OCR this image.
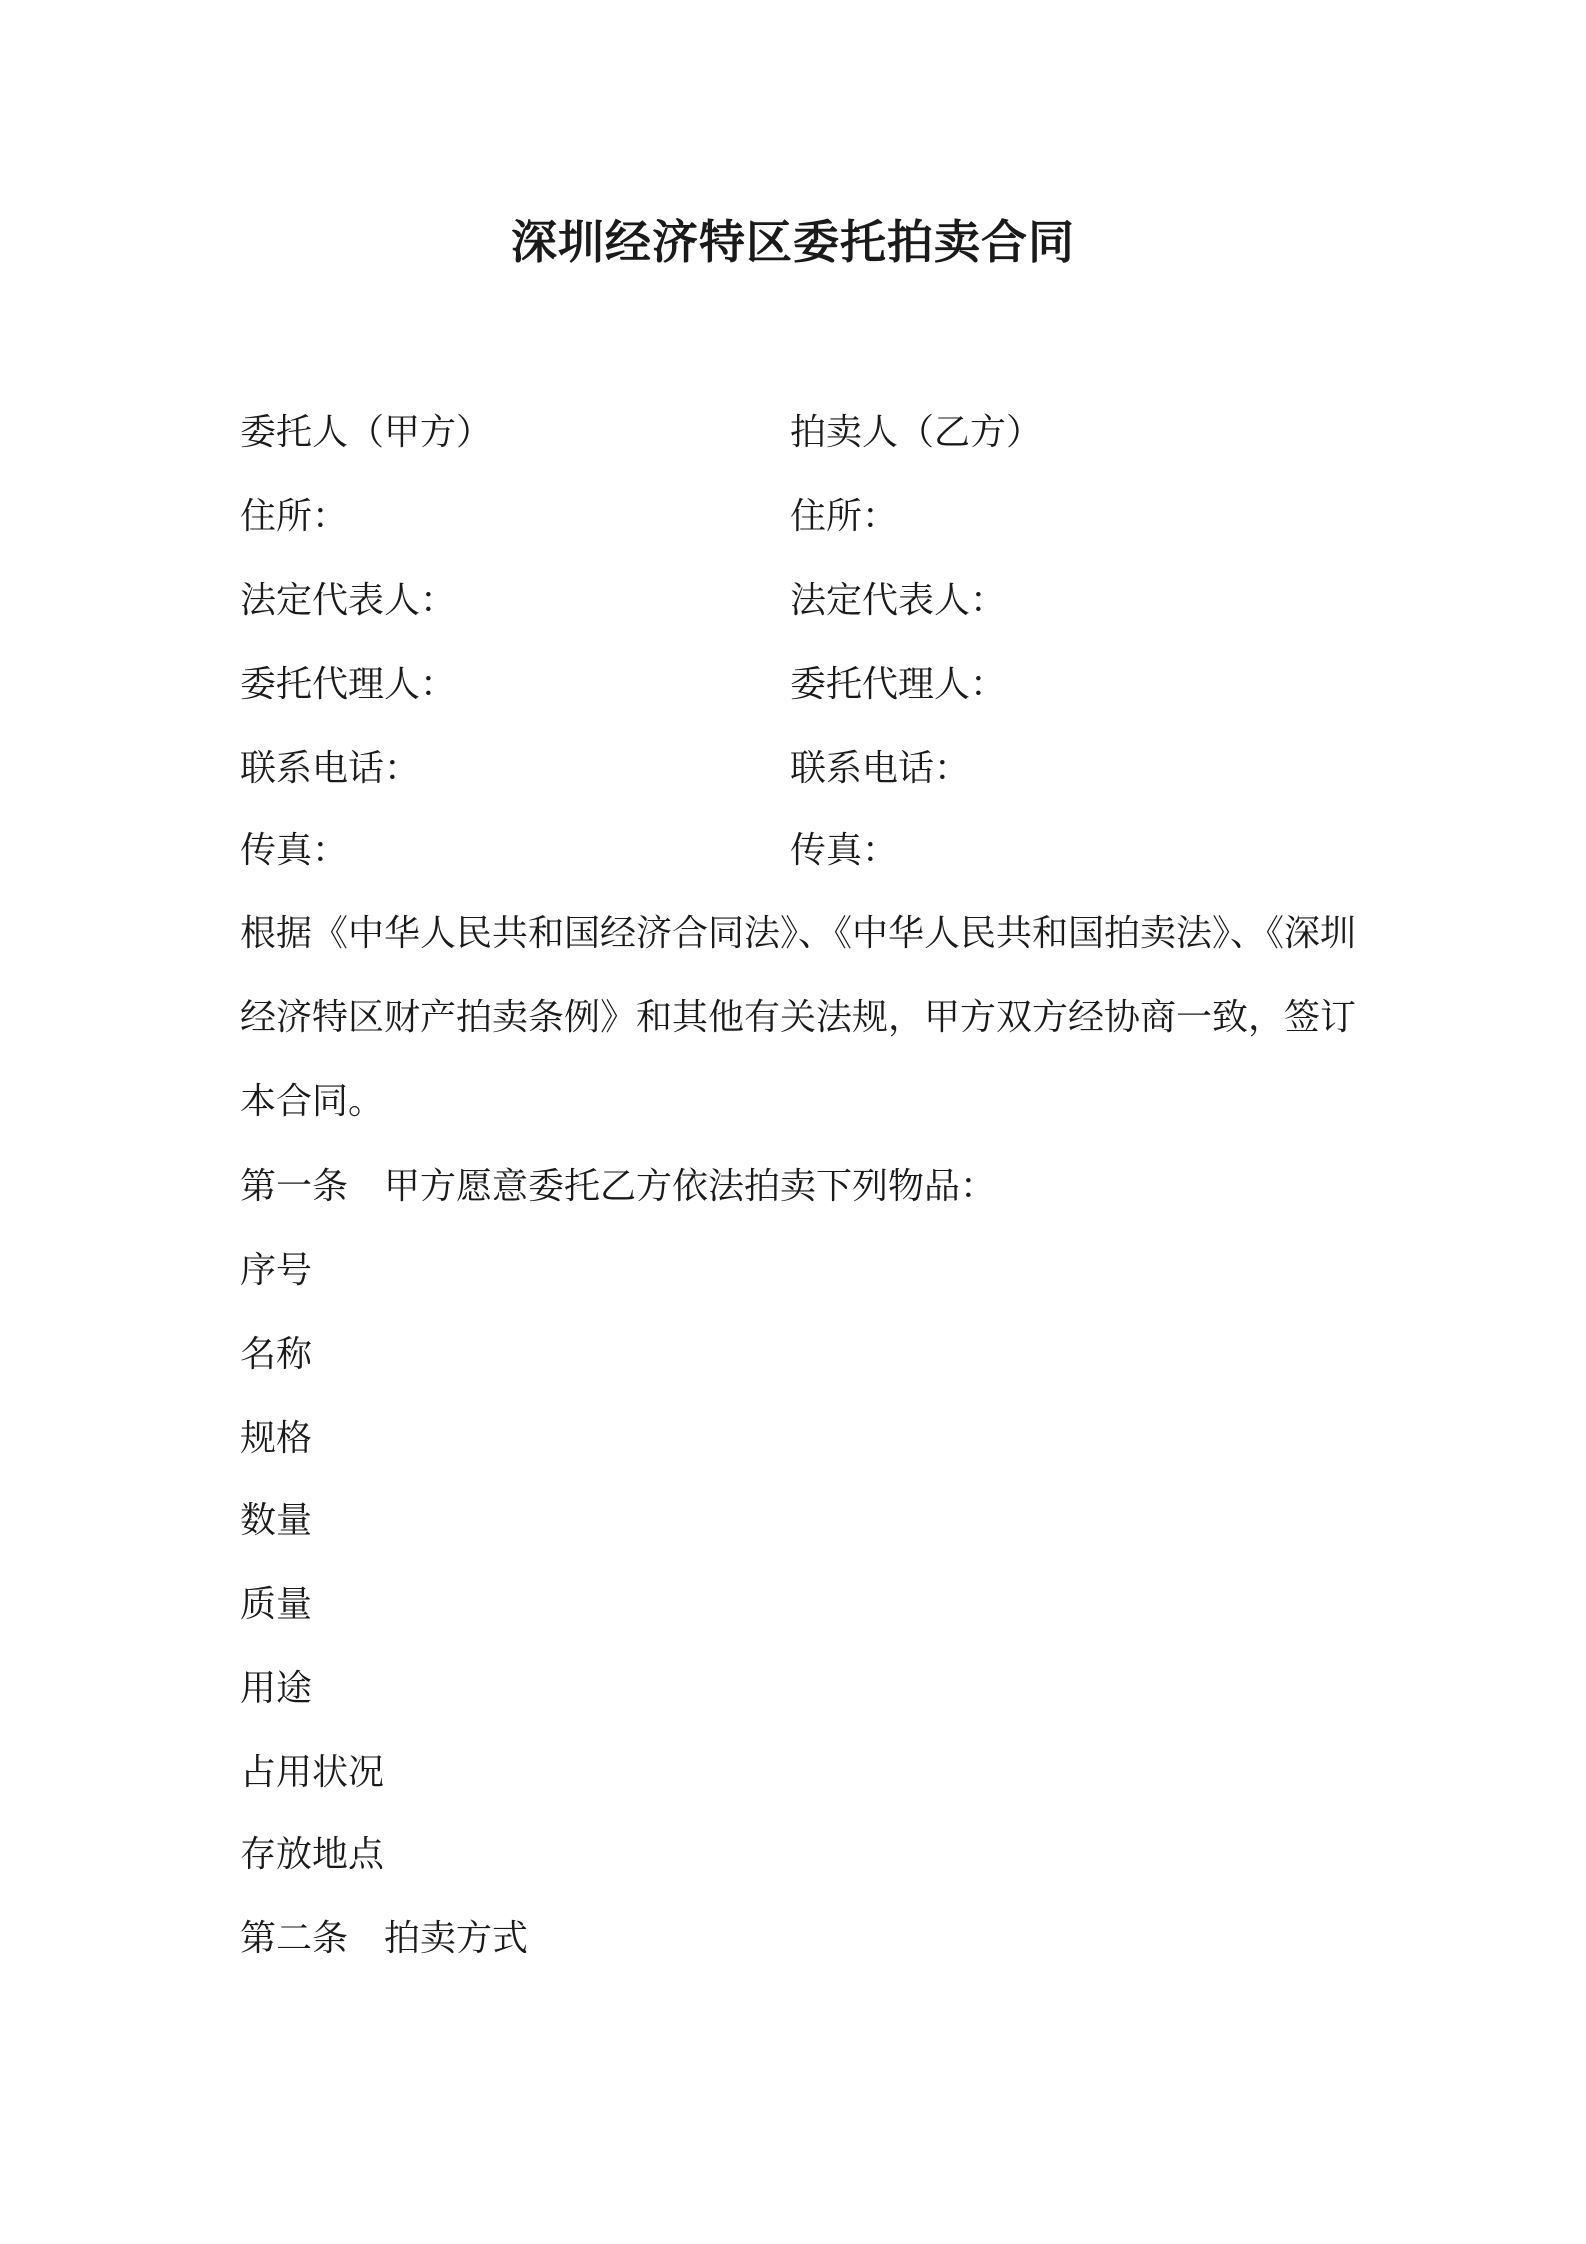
深圳经济特区委托拍卖合同
委托人（甲方）	拍卖人（乙方）
住所：	住所：
法定代表人：	法定代表人：
委托代理人：	委托代理人：
联系电话：	联系电话：
传真：	传真：
根据《中华人民共和国经济合同法》、《中华人民共和国拍卖法》、《深圳经济特区财产拍卖条例》和其他有关法规，甲方双方经协商一致，签订本合同。
第一条　甲方愿意委托乙方依法拍卖下列物品：
序号
名称
规格
数量
质量
用途
占用状况
存放地点
第二条　拍卖方式
